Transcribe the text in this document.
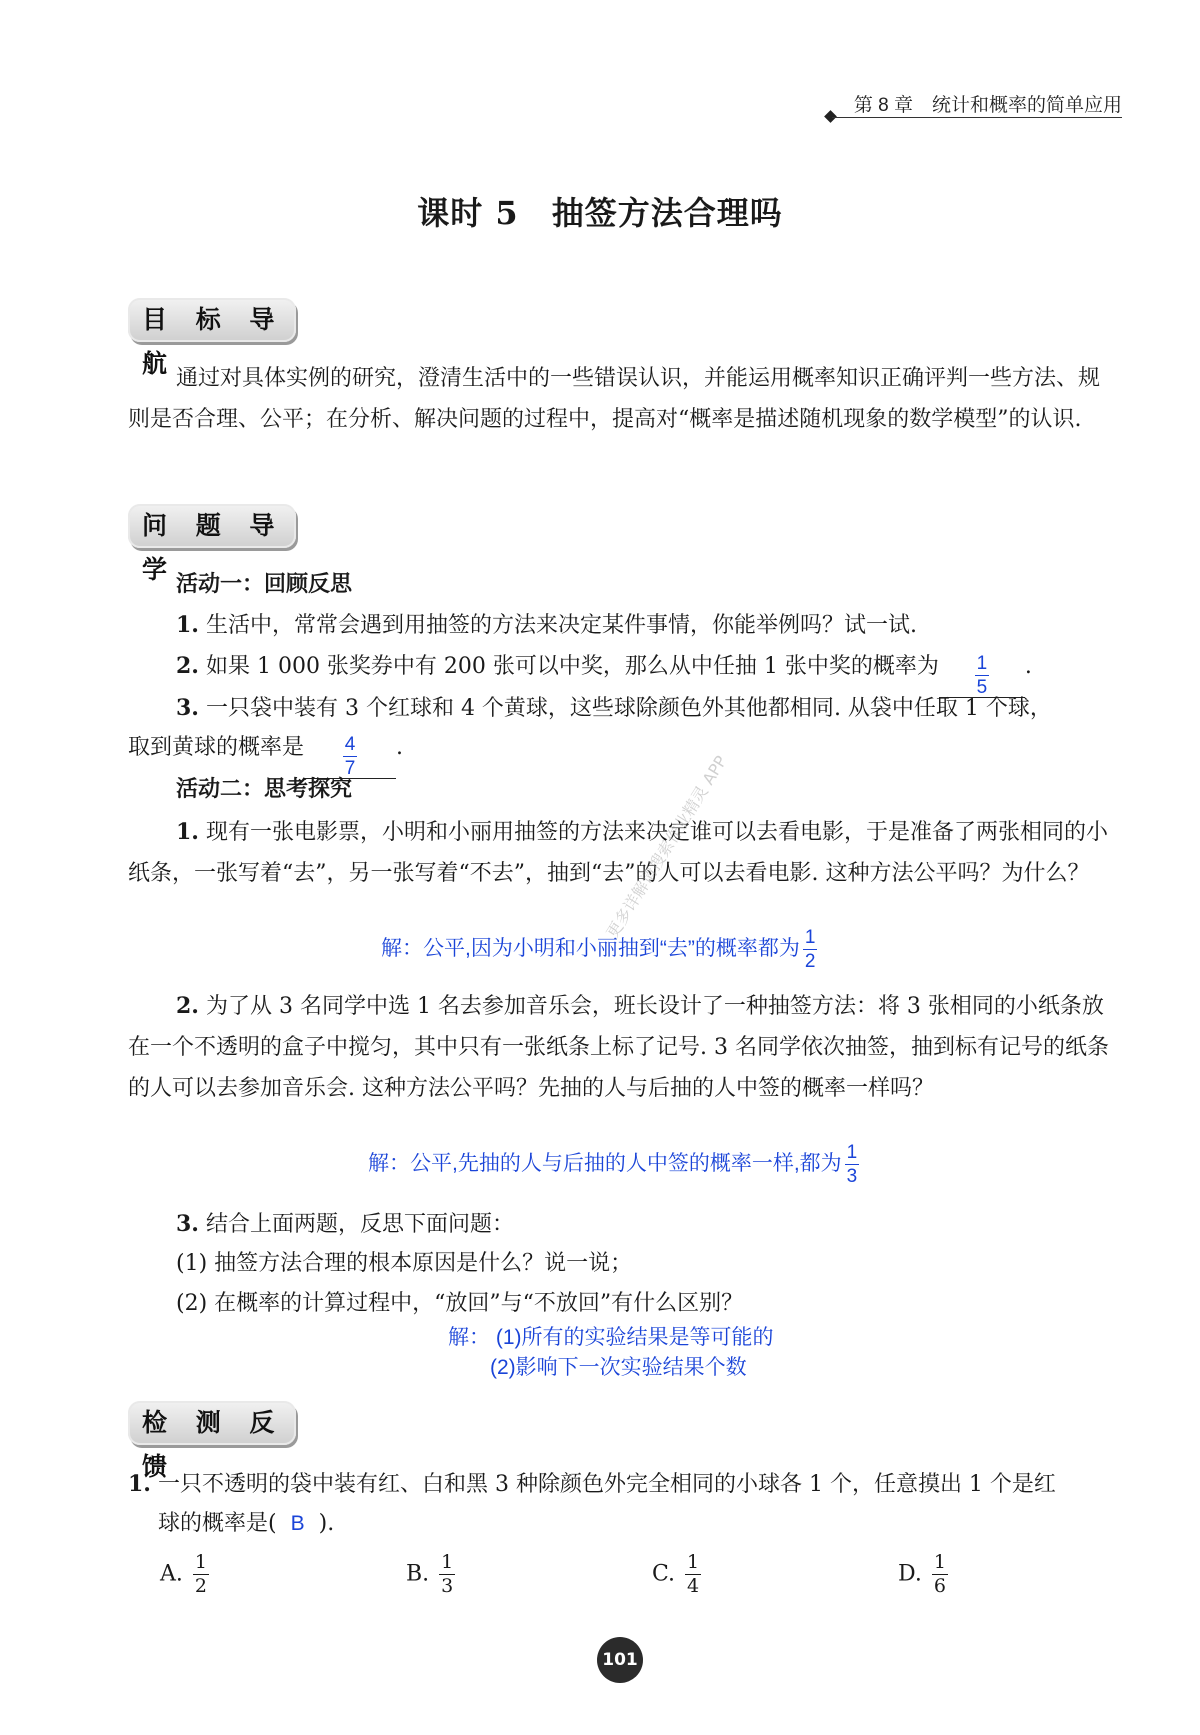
第 8 章　统计和概率的简单应用
课时 5　抽签方法合理吗
目 标 导 航
通过对具体实例的研究，澄清生活中的一些错误认识，并能运用概率知识正确评判一些方法、规则是否合理、公平；在分析、解决问题的过程中，提高对“概率是描述随机现象的数学模型”的认识.
问 题 导 学
活动一：回顾反思
1. 生活中，常常会遇到用抽签的方法来决定某件事情，你能举例吗？试一试.
2. 如果 1 000 张奖券中有 200 张可以中奖，那么从中任抽 1 张中奖的概率为 $\frac{1}{5}$ .
3. 一只袋中装有 3 个红球和 4 个黄球，这些球除颜色外其他都相同. 从袋中任取 1 个球，
取到黄球的概率是 $\frac{4}{7}$ .
活动二：思考探究
1. 现有一张电影票，小明和小丽用抽签的方法来决定谁可以去看电影，于是准备了两张相同的小纸条，一张写着“去”，另一张写着“不去”，抽到“去”的人可以去看电影. 这种方法公平吗？为什么？
解：公平,因为小明和小丽抽到“去”的概率都为 $\frac{1}{2}$
2. 为了从 3 名同学中选 1 名去参加音乐会，班长设计了一种抽签方法：将 3 张相同的小纸条放在一个不透明的盒子中搅匀，其中只有一张纸条上标了记号. 3 名同学依次抽签，抽到标有记号的纸条的人可以去参加音乐会. 这种方法公平吗？先抽的人与后抽的人中签的概率一样吗？
解：公平,先抽的人与后抽的人中签的概率一样,都为 $\frac{1}{3}$
3. 结合上面两题，反思下面问题：
(1) 抽签方法合理的根本原因是什么？说一说；
(2) 在概率的计算过程中，“放回”与“不放回”有什么区别？
解： (1)所有的实验结果是等可能的
(2)影响下一次实验结果个数
检 测 反 馈
1. 一只不透明的袋中装有红、白和黑 3 种除颜色外完全相同的小球各 1 个，任意摸出 1 个是红
球的概率是( B ).
A. $\frac{1}{2}$	B. $\frac{1}{3}$	C. $\frac{1}{4}$	D. $\frac{1}{6}$
更多详解请搜索作业精灵 APP
101
